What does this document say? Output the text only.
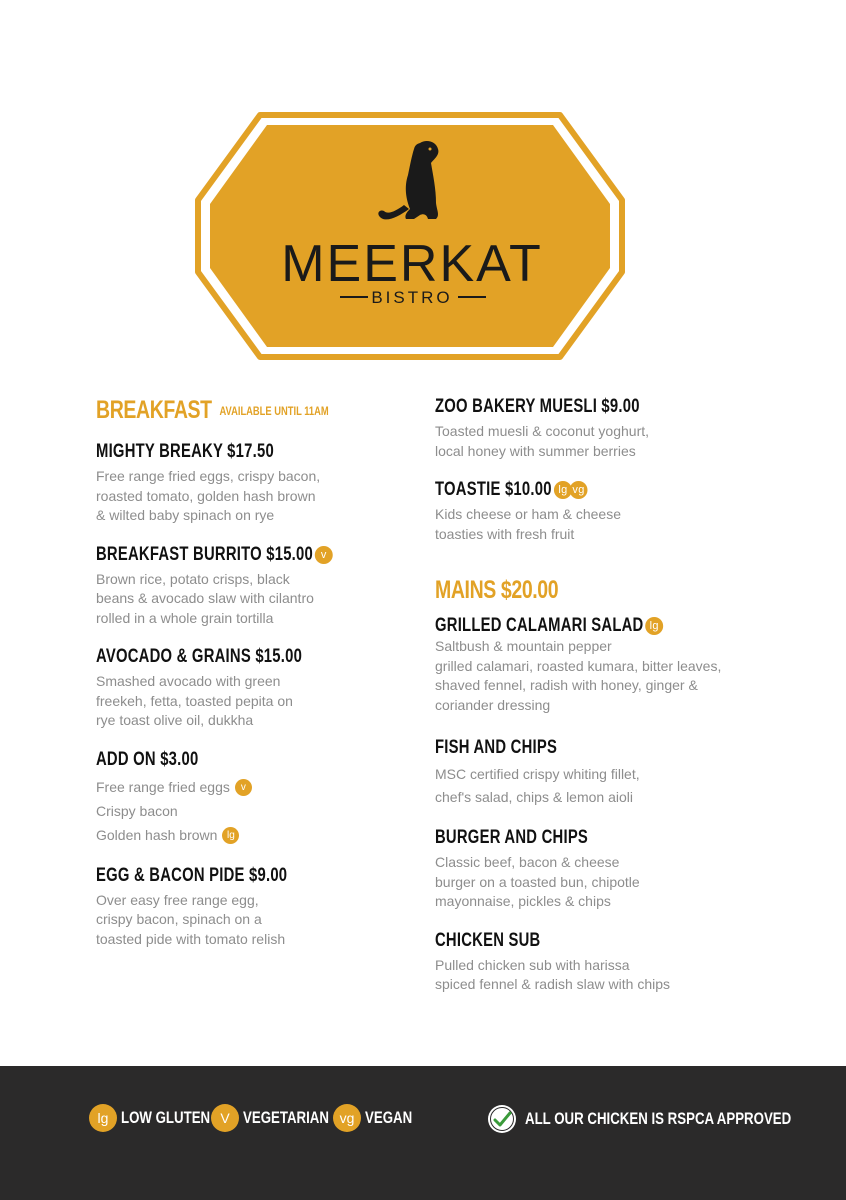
MEERKAT
BISTRO
BREAKFAST AVAILABLE UNTIL 11AM

MIGHTY BREAKY $17.50

Free range fried eggs, crispy bacon,

roasted tomato, golden hash brown

& wilted baby spinach on rye

BREAKFAST BURRITO $15.00 v

Brown rice, potato crisps, black

beans & avocado slaw with cilantro

rolled in a whole grain tortilla

AVOCADO & GRAINS $15.00

Smashed avocado with green

freekeh, fetta, toasted pepita on

rye toast olive oil, dukkha

ADD ON $3.00

Free range fried eggs v

Crispy bacon

Golden hash brown lg

EGG & BACON PIDE $9.00

Over easy free range egg,

crispy bacon, spinach on a

toasted pide with tomato relish

ZOO BAKERY MUESLI $9.00

Toasted muesli & coconut yoghurt,

local honey with summer berries

TOASTIE $10.00 lg vg

Kids cheese or ham & cheese

toasties with fresh fruit

MAINS $20.00

GRILLED CALAMARI SALAD lg

Saltbush & mountain pepper

grilled calamari, roasted kumara, bitter leaves,

shaved fennel, radish with honey, ginger &

coriander dressing

FISH AND CHIPS

MSC certified crispy whiting fillet,

chef's salad, chips & lemon aioli

BURGER AND CHIPS

Classic beef, bacon & cheese

burger on a toasted bun, chipotle

mayonnaise, pickles & chips

CHICKEN SUB

Pulled chicken sub with harissa

spiced fennel & radish slaw with chips

lg LOW GLUTEN V VEGETARIAN vg VEGAN	ALL OUR CHICKEN IS RSPCA APPROVED
